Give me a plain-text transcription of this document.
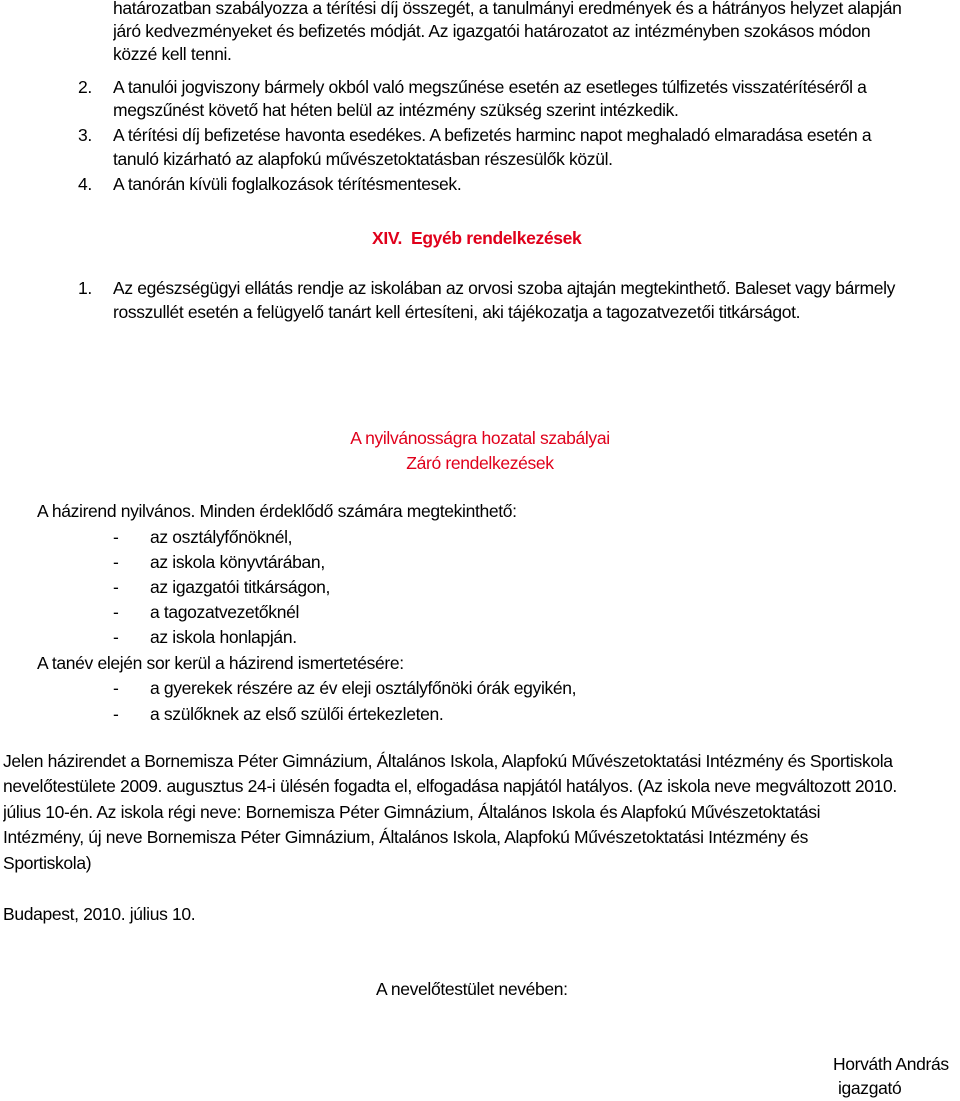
határozatban szabályozza a térítési díj összegét, a tanulmányi eredmények és a hátrányos helyzet alapján
járó kedvezményeket és befizetés módját. Az igazgatói határozatot az intézményben szokásos módon
közzé kell tenni.
2. A tanulói jogviszony bármely okból való megszűnése esetén az esetleges túlfizetés visszatérítéséről a
megszűnést követő hat héten belül az intézmény szükség szerint intézkedik.
3. A térítési díj befizetése havonta esedékes. A befizetés harminc napot meghaladó elmaradása esetén a
tanuló kizárható az alapfokú művészetoktatásban részesülők közül.
4. A tanórán kívüli foglalkozások térítésmentesek.
XIV. Egyéb rendelkezések
1. Az egészségügyi ellátás rendje az iskolában az orvosi szoba ajtaján megtekinthető. Baleset vagy bármely
rosszullét esetén a felügyelő tanárt kell értesíteni, aki tájékozatja a tagozatvezetői titkárságot.
A nyilvánosságra hozatal szabályai
Záró rendelkezések
A házirend nyilvános. Minden érdeklődő számára megtekinthető:
- az osztályfőnöknél,
- az iskola könyvtárában,
- az igazgatói titkárságon,
- a tagozatvezetőknél
- az iskola honlapján.
A tanév elején sor kerül a házirend ismertetésére:
- a gyerekek részére az év eleji osztályfőnöki órák egyikén,
- a szülőknek az első szülői értekezleten.
Jelen házirendet a Bornemisza Péter Gimnázium, Általános Iskola, Alapfokú Művészetoktatási Intézmény és Sportiskola
nevelőtestülete 2009. augusztus 24-i ülésén fogadta el, elfogadása napjától hatályos. (Az iskola neve megváltozott 2010.
július 10-én. Az iskola régi neve: Bornemisza Péter Gimnázium, Általános Iskola és Alapfokú Művészetoktatási
Intézmény, új neve Bornemisza Péter Gimnázium, Általános Iskola, Alapfokú Művészetoktatási Intézmény és
Sportiskola)
Budapest, 2010. július 10.
A nevelőtestület nevében:
Horváth András
igazgató
